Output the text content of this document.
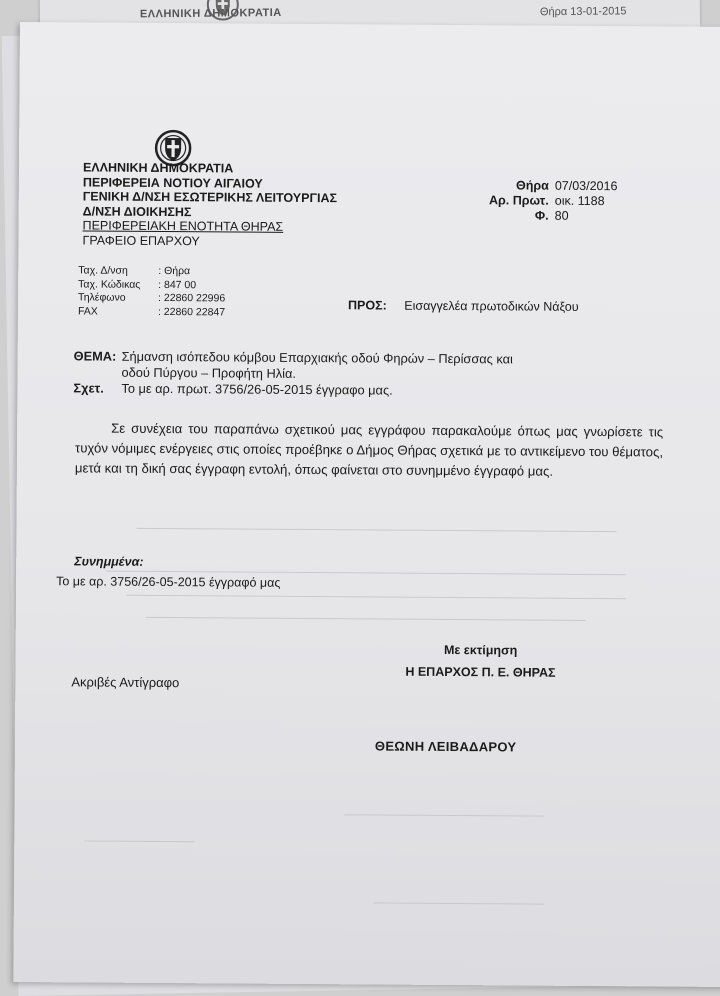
ΕΛΛΗΝΙΚΗ ΔΗΜΟΚΡΑΤΙΑ	Θήρα 13-01-2015
ΕΛΛΗΝΙΚΗ ΔΗΜΟΚΡΑΤΙΑ
ΠΕΡΙΦΕΡΕΙΑ ΝΟΤΙΟΥ ΑΙΓΑΙΟΥ
ΓΕΝΙΚΗ Δ/ΝΣΗ ΕΣΩΤΕΡΙΚΗΣ ΛΕΙΤΟΥΡΓΙΑΣ
Δ/ΝΣΗ ΔΙΟΙΚΗΣΗΣ
ΠΕΡΙΦΕΡΕΙΑΚΗ ΕΝΟΤΗΤΑ ΘΗΡΑΣ
ΓΡΑΦΕΙΟ ΕΠΑΡΧΟΥ
Θήρα 07/03/2016
Αρ. Πρωτ. οικ. 1188
Φ. 80
Ταχ. Δ/νση	: Θήρα
Ταχ. Κώδικας	: 847 00
Τηλέφωνο	: 22860 22996
FAX	: 22860 22847	ΠΡΟΣ: Εισαγγελέα πρωτοδικών Νάξου
ΘΕΜΑ: Σήμανση ισόπεδου κόμβου Επαρχιακής οδού Φηρών – Περίσσας και
οδού Πύργου – Προφήτη Ηλία.
Σχετ.	Το με αρ. πρωτ. 3756/26-05-2015 έγγραφο μας.
Σε συνέχεια του παραπάνω σχετικού μας εγγράφου παρακαλούμε όπως μας γνωρίσετε τις τυχόν νόμιμες ενέργειες στις οποίες προέβηκε ο Δήμος Θήρας σχετικά με το αντικείμενο του θέματος, μετά και τη δική σας έγγραφη εντολή, όπως φαίνεται στο συνημμένο έγγραφό μας.
Συνημμένα:
Το με αρ. 3756/26-05-2015 έγγραφό μας
Με εκτίμηση
Η ΕΠΑΡΧΟΣ Π. Ε. ΘΗΡΑΣ
Ακριβές Αντίγραφο
ΘΕΩΝΗ ΛΕΙΒΑΔΑΡΟΥ
